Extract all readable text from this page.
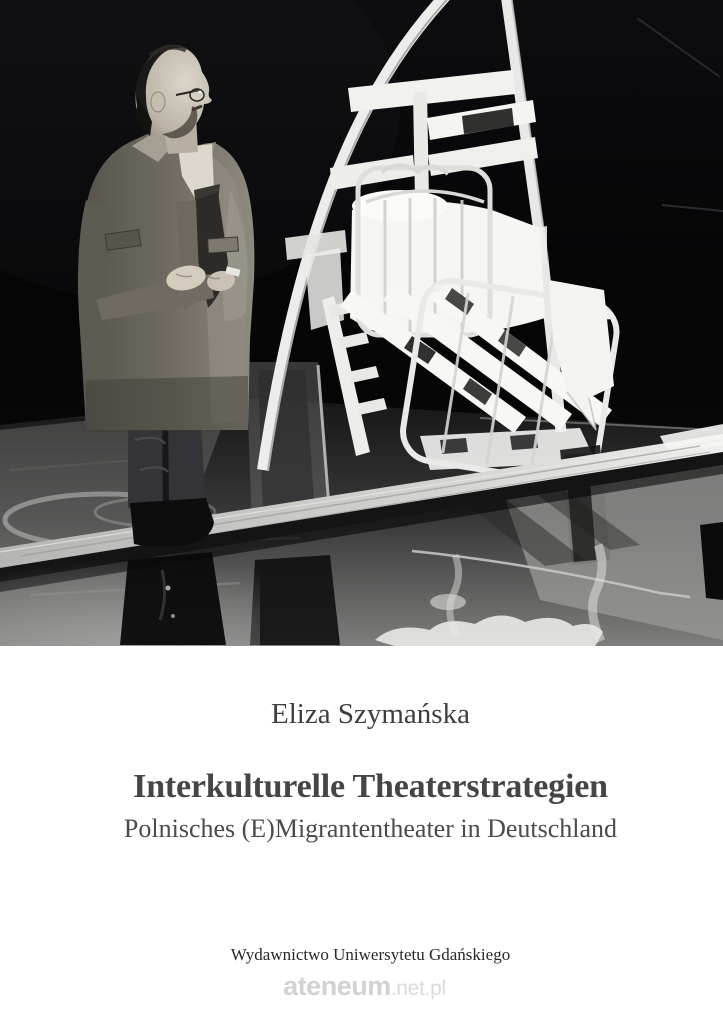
Eliza Szymańska
Interkulturelle Theaterstrategien
Polnisches (E)Migrantentheater in Deutschland
Wydawnictwo Uniwersytetu Gdańskiego
ateneum.net.pl
